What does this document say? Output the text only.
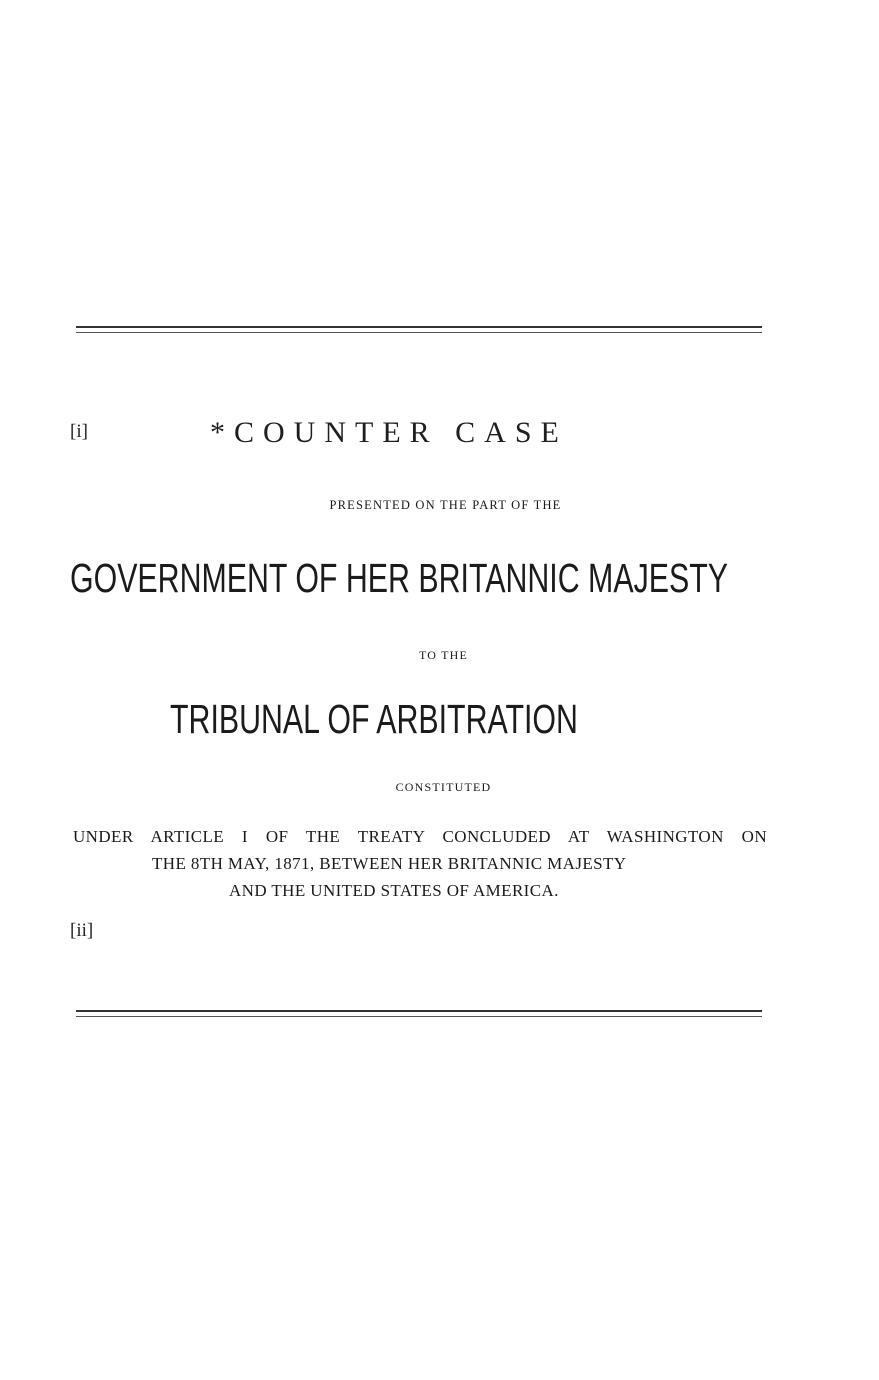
[i]	*COUNTER CASE
PRESENTED ON THE PART OF THE
GOVERNMENT OF HER BRITANNIC MAJESTY
TO THE
TRIBUNAL OF ARBITRATION
CONSTITUTED
UNDER ARTICLE I OF THE TREATY CONCLUDED AT WASHINGTON ON
THE 8TH MAY, 1871, BETWEEN HER BRITANNIC MAJESTY
AND THE UNITED STATES OF AMERICA.
[ii]
